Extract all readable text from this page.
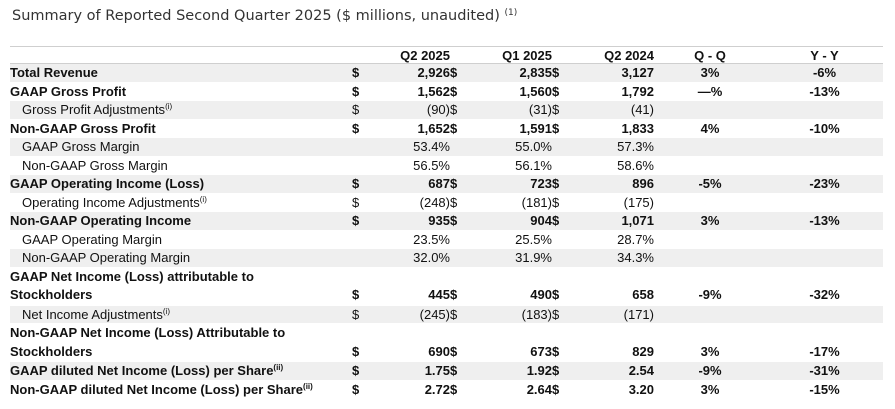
Summary of Reported Second Quarter 2025 ($ millions, unaudited) $^{(1)}$
		Q2 2025		Q1 2025		Q2 2024	Q - Q	Y - Y
Total Revenue	$	2,926	$	2,835	$	3,127	3%	-6%
GAAP Gross Profit	$	1,562	$	1,560	$	1,792	—%	-13%
Gross Profit Adjustments$^{(i)}$	$	(90)	$	(31)	$	(41)		
Non-GAAP Gross Profit	$	1,652	$	1,591	$	1,833	4%	-10%
GAAP Gross Margin		53.4%		55.0%		57.3%		
Non-GAAP Gross Margin		56.5%		56.1%		58.6%		
GAAP Operating Income (Loss)	$	687	$	723	$	896	-5%	-23%
Operating Income Adjustments$^{(i)}$	$	(248)	$	(181)	$	(175)		
Non-GAAP Operating Income	$	935	$	904	$	1,071	3%	-13%
GAAP Operating Margin		23.5%		25.5%		28.7%		
Non-GAAP Operating Margin		32.0%		31.9%		34.3%		
GAAP Net Income (Loss) attributable to
Stockholders	$	445	$	490	$	658	-9%	-32%
Net Income Adjustments$^{(i)}$	$	(245)	$	(183)	$	(171)		
Non-GAAP Net Income (Loss) Attributable to
Stockholders	$	690	$	673	$	829	3%	-17%
GAAP diluted Net Income (Loss) per Share$^{(ii)}$	$	1.75	$	1.92	$	2.54	-9%	-31%
Non-GAAP diluted Net Income (Loss) per Share$^{(ii)}$	$	2.72	$	2.64	$	3.20	3%	-15%
